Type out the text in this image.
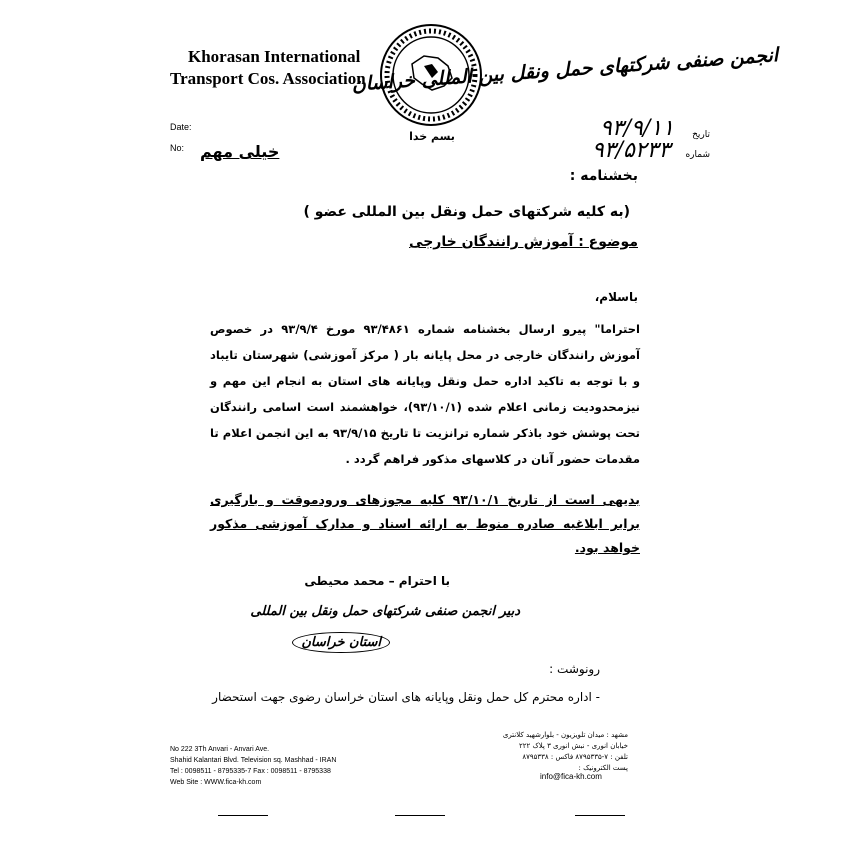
Khorasan International
Transport Cos. Association
بسم خدا
انجمن صنفی شرکتهای حمل ونقل بین المللی خراسان
Date:
No:
تاریخ
شماره
۹۳/۹/۱۱
۹۳/۵۲۳۳
خیلی مهم
بخشنامه :
(به کلیه شرکتهای حمل ونقل بین المللی عضو )
موضوع : آموزش رانندگان خارجی
باسلام،
احتراما" پیرو ارسال بخشنامه شماره ۹۳/۴۸۶۱ مورخ ۹۳/۹/۴ در خصوص آموزش رانندگان خارجی در محل پایانه بار ( مرکز آموزشی) شهرستان تایباد و با توجه به تاکید اداره حمل ونقل وپایانه های استان به انجام این مهم و نیزمحدودیت زمانی اعلام شده (۹۳/۱۰/۱)، خواهشمند است اسامی رانندگان تحت پوشش خود باذکر شماره ترانزیت تا تاریخ ۹۳/۹/۱۵ به این انجمن اعلام تا مقدمات حضور آنان در کلاسهای مذکور فراهم گردد .
بدیهی است از تاریخ ۹۳/۱۰/۱ کلیه مجوزهای ورودموقت و بارگیری برابر ابلاغیه صادره منوط به ارائه اسناد و مدارک آموزشی مذکور خواهد بود.
با احترام – محمد محیطی
دبیر انجمن صنفی شرکتهای حمل ونقل بین المللی
استان خراسان
رونوشت :
- اداره محترم کل حمل ونقل وپایانه های استان خراسان رضوی جهت استحضار
No 222 3Th Anvari - Anvari Ave.
Shahid Kalantari Blvd. Television sq. Mashhad - IRAN
Tel : 0098511 - 8795335-7 Fax : 0098511 - 8795338
Web Site : WWW.fica-kh.com
مشهد : میدان تلویزیون - بلوارشهید کلانتری
خیابان انوری - نبش انوری ۳ پلاک ۲۲۲
تلفن : ۷-۸۷۹۵۳۳۵ فاکس : ۸۷۹۵۳۳۸
پست الکترونیک :
info@fica-kh.com
